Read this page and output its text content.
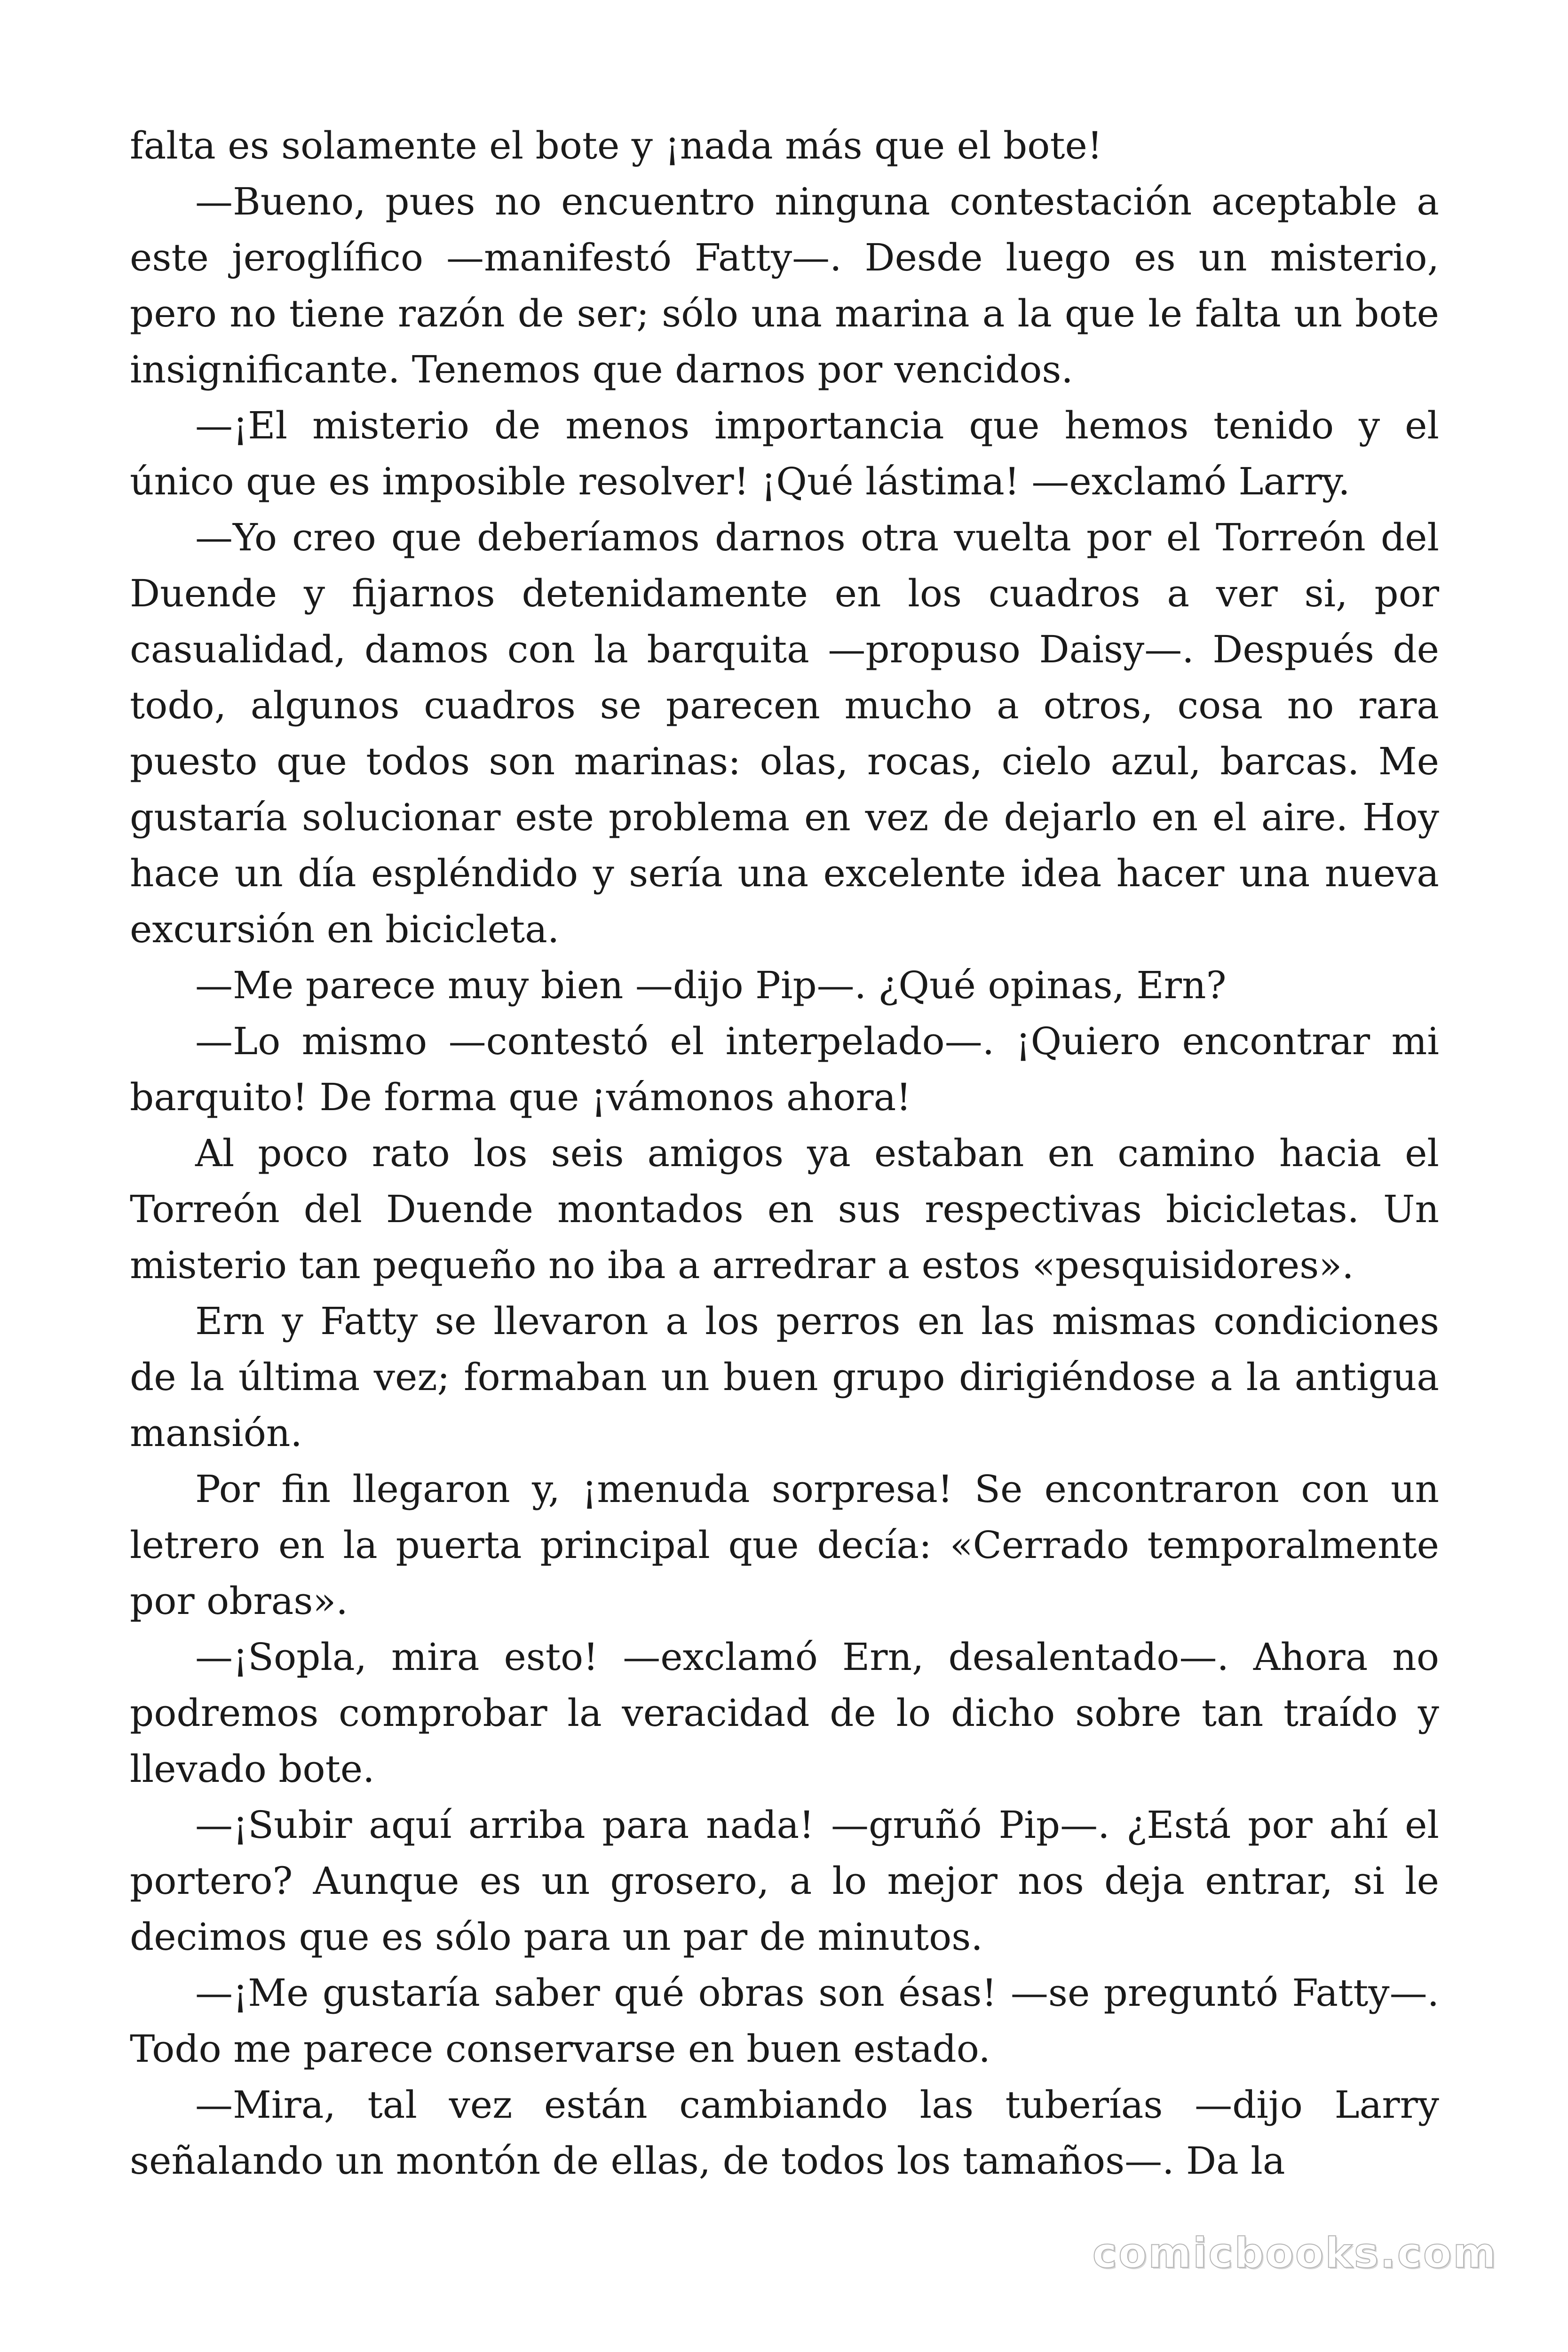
falta es solamente el bote y ¡nada más que el bote!

—Bueno, pues no encuentro ninguna contestación aceptable a este jeroglífico —manifestó Fatty—. Desde luego es un misterio, pero no tiene razón de ser; sólo una marina a la que le falta un bote insignificante. Tenemos que darnos por vencidos.

—¡El misterio de menos importancia que hemos tenido y el único que es imposible resolver! ¡Qué lástima! —exclamó Larry.

—Yo creo que deberíamos darnos otra vuelta por el Torreón del Duende y fijarnos detenidamente en los cuadros a ver si, por casualidad, damos con la barquita —propuso Daisy—. Después de todo, algunos cuadros se parecen mucho a otros, cosa no rara puesto que todos son marinas: olas, rocas, cielo azul, barcas. Me gustaría solucionar este problema en vez de dejarlo en el aire. Hoy hace un día espléndido y sería una excelente idea hacer una nueva excursión en bicicleta.

—Me parece muy bien —dijo Pip—. ¿Qué opinas, Ern?

—Lo mismo —contestó el interpelado—. ¡Quiero encontrar mi barquito! De forma que ¡vámonos ahora!

Al poco rato los seis amigos ya estaban en camino hacia el Torreón del Duende montados en sus respectivas bicicletas. Un misterio tan pequeño no iba a arredrar a estos «pesquisidores».

Ern y Fatty se llevaron a los perros en las mismas condiciones de la última vez; formaban un buen grupo dirigiéndose a la antigua mansión.

Por fin llegaron y, ¡menuda sorpresa! Se encontraron con un letrero en la puerta principal que decía: «Cerrado temporalmente por obras».

—¡Sopla, mira esto! —exclamó Ern, desalentado—. Ahora no podremos comprobar la veracidad de lo dicho sobre tan traído y llevado bote.

—¡Subir aquí arriba para nada! —gruñó Pip—. ¿Está por ahí el portero? Aunque es un grosero, a lo mejor nos deja entrar, si le decimos que es sólo para un par de minutos.

—¡Me gustaría saber qué obras son ésas! —se preguntó Fatty—. Todo me parece conservarse en buen estado.

—Mira, tal vez están cambiando las tuberías —dijo Larry señalando un montón de ellas, de todos los tamaños—. Da la

comicbooks.com
